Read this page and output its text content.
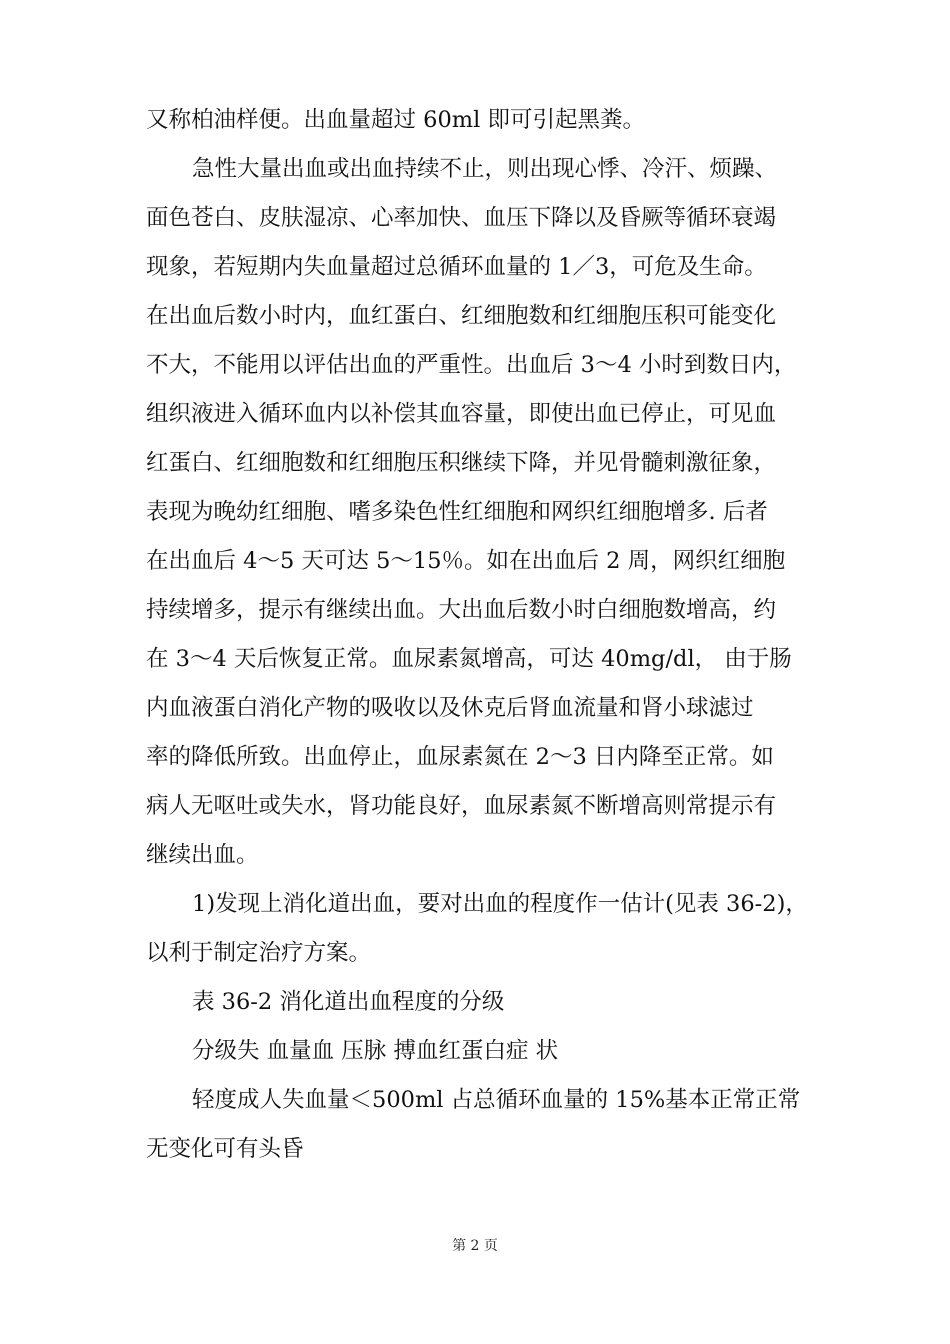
又称柏油样便。出血量超过 60ml 即可引起黑粪。
急性大量出血或出血持续不止，则出现心悸、冷汗、烦躁、
面色苍白、皮肤湿凉、心率加快、血压下降以及昏厥等循环衰竭
现象，若短期内失血量超过总循环血量的 1／3，可危及生命。
在出血后数小时内，血红蛋白、红细胞数和红细胞压积可能变化
不大，不能用以评估出血的严重性。出血后 3～4 小时到数日内，
组织液进入循环血内以补偿其血容量，即使出血已停止，可见血
红蛋白、红细胞数和红细胞压积继续下降，并见骨髓刺激征象，
表现为晚幼红细胞、嗜多染色性红细胞和网织红细胞增多. 后者
在出血后 4～5 天可达 5～15％。如在出血后 2 周，网织红细胞
持续增多，提示有继续出血。大出血后数小时白细胞数增高，约
在 3～4 天后恢复正常。血尿素氮增高，可达 40mg/dl， 由于肠
内血液蛋白消化产物的吸收以及休克后肾血流量和肾小球滤过
率的降低所致。出血停止，血尿素氮在 2～3 日内降至正常。如
病人无呕吐或失水，肾功能良好，血尿素氮不断增高则常提示有
继续出血。
1)发现上消化道出血，要对出血的程度作一估计(见表 36-2)，
以利于制定治疗方案。
表 36-2 消化道出血程度的分级
分级失 血量血 压脉 搏血红蛋白症 状
轻度成人失血量＜500ml 占总循环血量的 15%基本正常正常
无变化可有头昏
第 2 页
